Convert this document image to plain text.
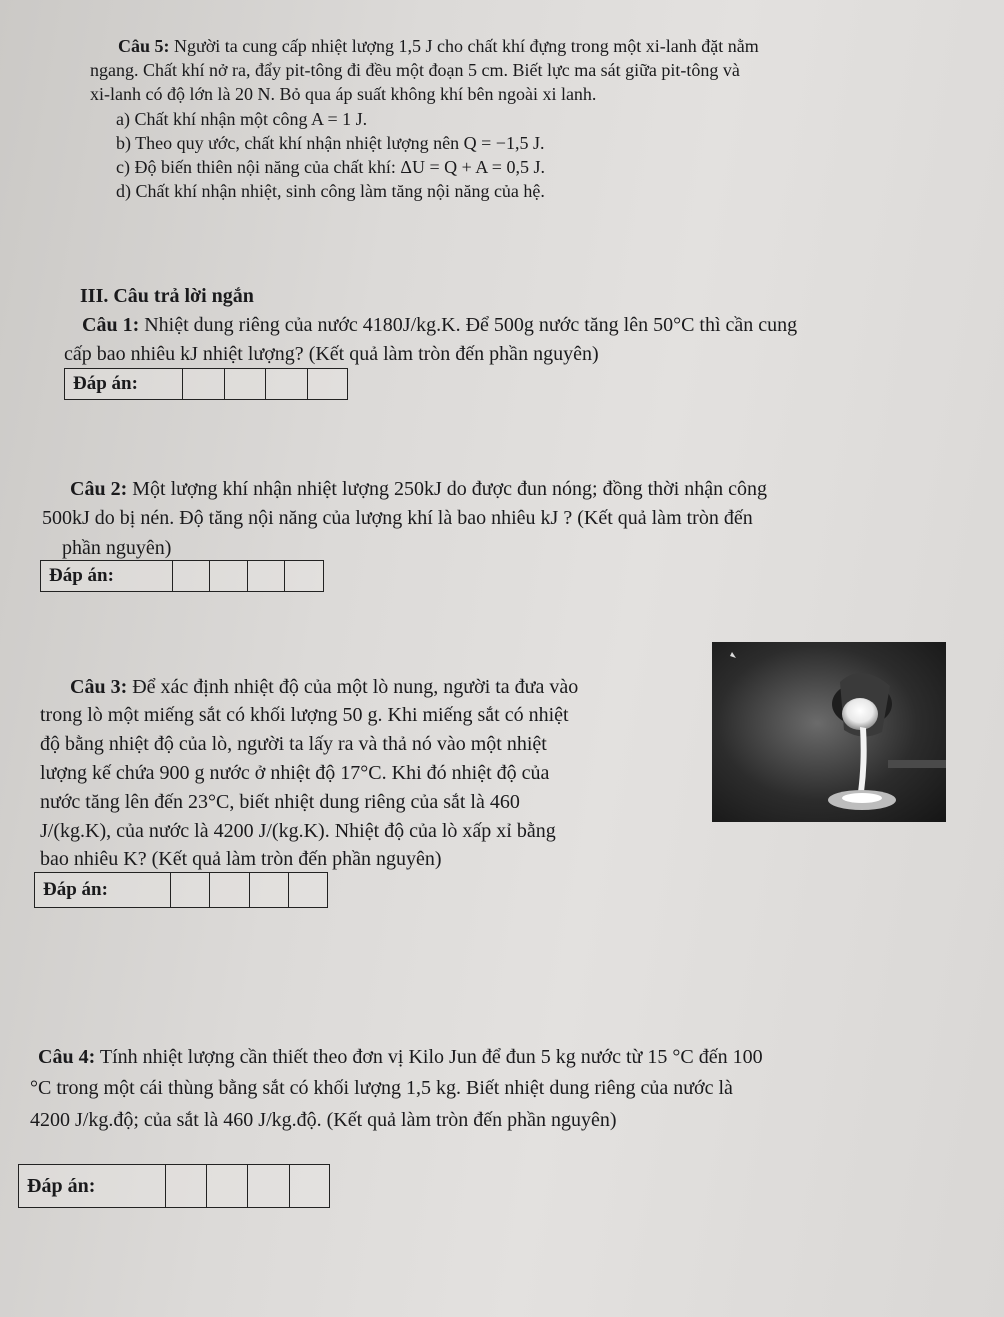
Câu 5: Người ta cung cấp nhiệt lượng 1,5 J cho chất khí đựng trong một xi-lanh đặt nằm
ngang. Chất khí nở ra, đẩy pit-tông đi đều một đoạn 5 cm. Biết lực ma sát giữa pit-tông và
xi-lanh có độ lớn là 20 N. Bỏ qua áp suất không khí bên ngoài xi lanh.
a) Chất khí nhận một công A = 1 J.
b) Theo quy ước, chất khí nhận nhiệt lượng nên Q = −1,5 J.
c) Độ biến thiên nội năng của chất khí: ΔU = Q + A = 0,5 J.
d) Chất khí nhận nhiệt, sinh công làm tăng nội năng của hệ.
III. Câu trả lời ngắn
Câu 1: Nhiệt dung riêng của nước 4180J/kg.K. Để 500g nước tăng lên 50°C thì cần cung
cấp bao nhiêu kJ nhiệt lượng? (Kết quả làm tròn đến phần nguyên)
Đáp án:
Câu 2: Một lượng khí nhận nhiệt lượng 250kJ do được đun nóng; đồng thời nhận công
500kJ do bị nén. Độ tăng nội năng của lượng khí là bao nhiêu kJ ? (Kết quả làm tròn đến
phần nguyên)
Đáp án:
Câu 3: Để xác định nhiệt độ của một lò nung, người ta đưa vào
trong lò một miếng sắt có khối lượng 50 g. Khi miếng sắt có nhiệt
độ bằng nhiệt độ của lò, người ta lấy ra và thả nó vào một nhiệt
lượng kế chứa 900 g nước ở nhiệt độ 17°C. Khi đó nhiệt độ của
nước tăng lên đến 23°C, biết nhiệt dung riêng của sắt là 460
J/(kg.K), của nước là 4200 J/(kg.K). Nhiệt độ của lò xấp xỉ bằng
bao nhiêu K? (Kết quả làm tròn đến phần nguyên)
Đáp án:
Câu 4: Tính nhiệt lượng cần thiết theo đơn vị Kilo Jun để đun 5 kg nước từ 15 °C đến 100
°C trong một cái thùng bằng sắt có khối lượng 1,5 kg. Biết nhiệt dung riêng của nước là
4200 J/kg.độ; của sắt là 460 J/kg.độ. (Kết quả làm tròn đến phần nguyên)
Đáp án:
